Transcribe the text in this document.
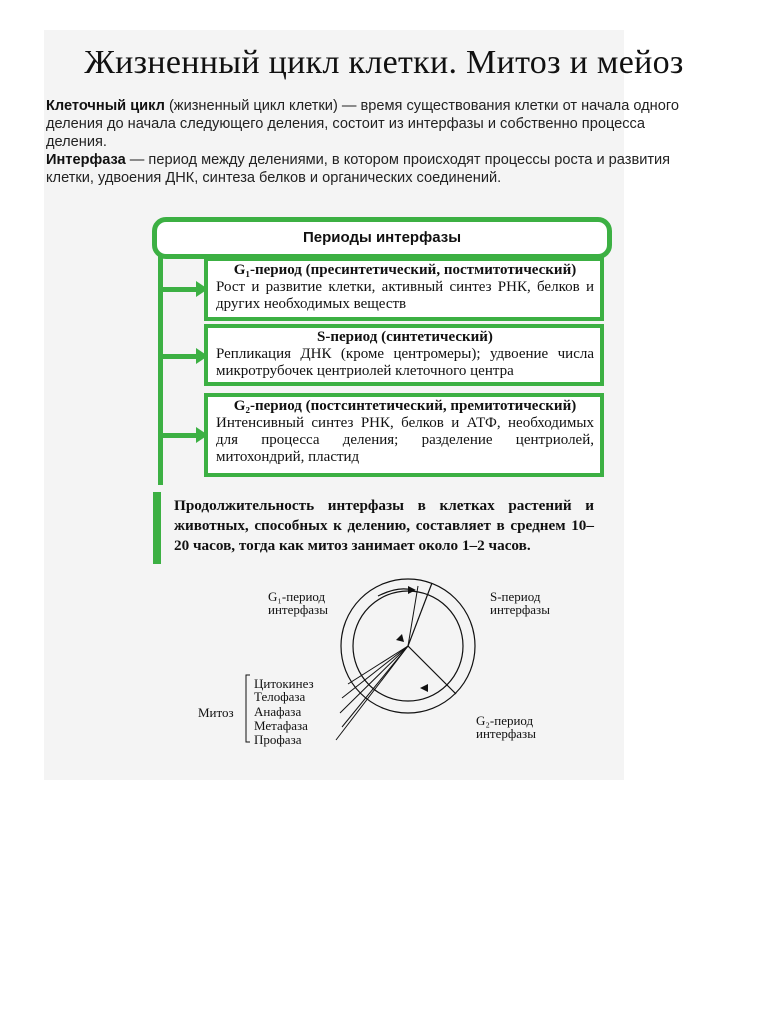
Жизненный цикл клетки. Митоз и мейоз

Клеточный цикл (жизненный цикл клетки) — время существования клетки от начала одного деления до начала следующего деления, состоит из интерфазы и собственно процесса деления.

Интерфаза — период между делениями, в котором происходят процессы роста и развития клетки, удвоения ДНК, синтеза белков и органических соединений.

Периоды интерфазы
G₁-период (пресинтетический, постмитотический)
Рост и развитие клетки, активный синтез РНК, белков и других необходимых веществ
S-период (синтетический)
Репликация ДНК (кроме центромеры); удвоение числа микротрубочек центриолей клеточного центра
G₂-период (постсинтетический, премитотический)
Интенсивный синтез РНК, белков и АТФ, необходимых для процесса деления; разделение центриолей, митохондрий, пластид
Продолжительность интерфазы в клетках растений и животных, способных к делению, составляет в среднем 10–20 часов, тогда как митоз занимает около 1–2 часов.
G₁-период
интерфазы
S-период
интерфазы
G₂-период
интерфазы
Митоз
Цитокинез
Телофаза
Анафаза
Метафаза
Профаза
